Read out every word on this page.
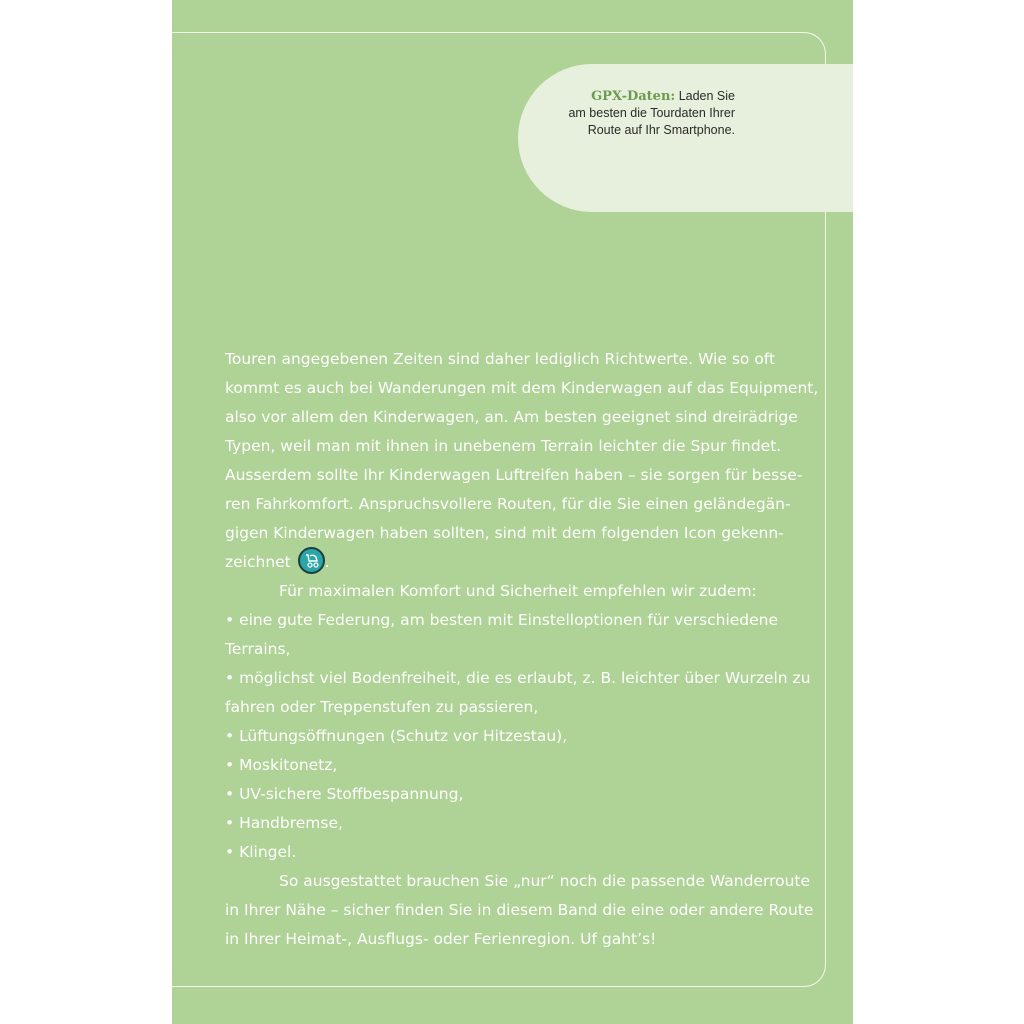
GPX-Daten: Laden Sie
am besten die Tourdaten Ihrer
Route auf Ihr Smartphone.
Touren angegebenen Zeiten sind daher lediglich Richtwerte. Wie so oft
kommt es auch bei Wanderungen mit dem Kinderwagen auf das Equipment,
also vor allem den Kinderwagen, an. Am besten geeignet sind dreirädrige
Typen, weil man mit ihnen in unebenem Terrain leichter die Spur findet.
Ausserdem sollte Ihr Kinderwagen Luftreifen haben – sie sorgen für besse-
ren Fahrkomfort. Anspruchsvollere Routen, für die Sie einen geländegän-
gigen Kinderwagen haben sollten, sind mit dem folgenden Icon gekenn-
zeichnet .
Für maximalen Komfort und Sicherheit empfehlen wir zudem:
• eine gute Federung, am besten mit Einstelloptionen für verschiedene
Terrains,
• möglichst viel Bodenfreiheit, die es erlaubt, z. B. leichter über Wurzeln zu
fahren oder Treppenstufen zu passieren,
• Lüftungsöffnungen (Schutz vor Hitzestau),
• Moskitonetz,
• UV-sichere Stoffbespannung,
• Handbremse,
• Klingel.
So ausgestattet brauchen Sie „nur“ noch die passende Wanderroute
in Ihrer Nähe – sicher finden Sie in diesem Band die eine oder andere Route
in Ihrer Heimat-, Ausflugs- oder Ferienregion. Uf gaht’s!
